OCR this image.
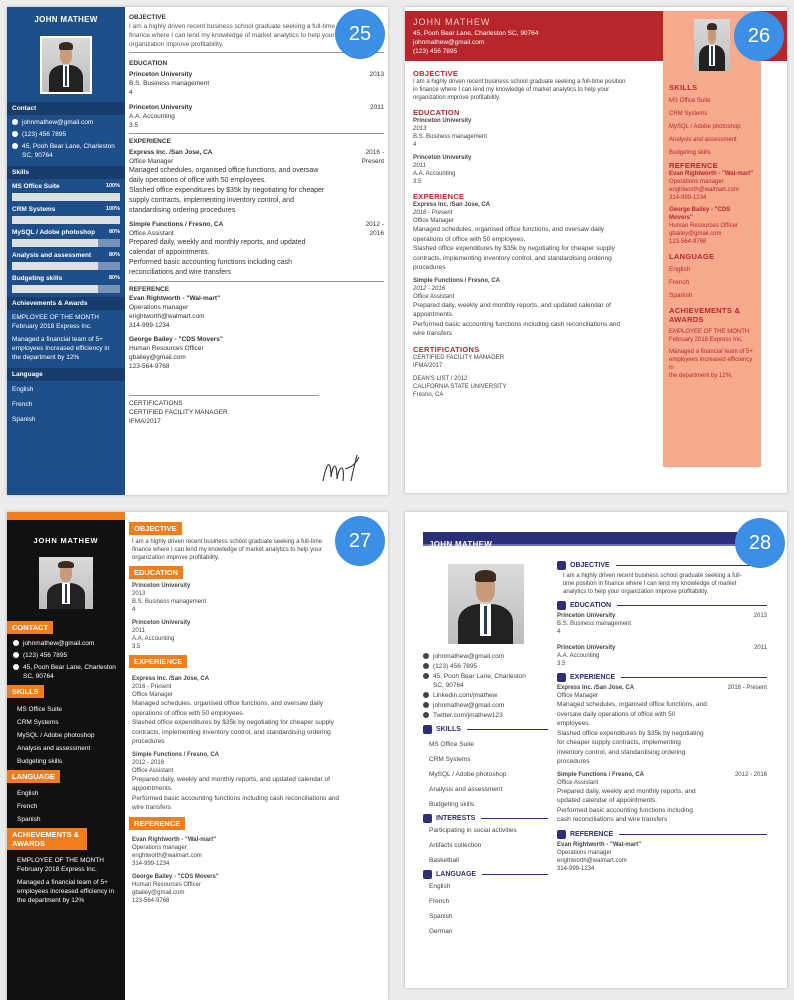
JOHN MATHEW
Contact
johnmathew@gmail.com
(123) 456 7895
45, Pooh Bear Lane, Charleston
SC, 90764
Skills
MS Office Suite	100%
CRM Systems	100%
MySQL / Adobe photoshop	80%
Analysis and assessment	80%
Budgeting skills	80%
Achievements & Awards
EMPLOYEE OF THE MONTH
February 2018 Express Inc.
Managed a financial team of 5+
employees Increased efficiency in
the department by 12%
Language
English
French
Spanish
OBJECTIVE
I am a highly driven recent business school graduate seeking a full-time
finance where I can lend my knowledge of market analytics to help your
organization improve profitability.
EDUCATION
Princeton University	2013
B.S. Business management
4
Princeton University	2011
A.A. Accounting
3.5
EXPERIENCE
Express Inc. /San Jose, CA	2016 -
Office Manager	Present
Managed schedules, organised office functions, and oversaw
daily operations of office with 50 employees.
Slashed office expenditures by $35k by negotiating for cheaper
supply contracts, implementing inventory control, and
standardising ordering procedures
Simple Functions / Fresno, CA	2012 -
Office Assistant	2016
Prepared daily, weekly and monthly reports, and updated
calendar of appointments.
Performed basic accounting functions including cash
reconciliations and wire transfers
REFERENCE
Evan Rightworth - "Wal-mart"
Operations manager
erightworth@walmart.com
314-999-1234
George Bailey - "CDS Movers"
Human Resources Officer
gbailey@gmail.com
123-564-9768
CERTIFICATIONS
CERTIFIED FACILITY MANAGER
IFMA/2017
25
JOHN MATHEW
45, Pooh Bear Lane, Charleston SC, 90764
johnmathew@gmail.com
(123) 456 7895
SKILLS
MS Office Suite
CRM Systems
MySQL / Adobe photoshop
Analysis and assessment
Budgeting skills
REFERENCE
Evan Rightworth - "Wal-mart"
Operations manager
erightworth@walmart.com
314-999-1234
George Bailey - "CDS Movers"
Human Resources Officer
gbailey@gmail.com
123-564-9768
LANGUAGE
English
French
Spanish
ACHIEVEMENTS & AWARDS
EMPLOYEE OF THE MONTH
February 2018 Express Inc.
Managed a financial team of 5+
employees increased efficiency in
the department by 12%.
OBJECTIVE
I am a highly driven recent business school graduate seeking a full-time position
in finance where I can lend my knowledge of market analytics to help your
organization improve profitability.
EDUCATION
Princeton University
2013
B.S. Business management
4
Princeton University
2011
A.A. Accounting
3.5
EXPERIENCE
Express Inc. /San Jose, CA
2016 - Present
Office Manager
Managed schedules, organised office functions, and oversaw daily
operations of office with 50 employees.
Slashed office expenditures by $35k by negotiating for cheaper supply
contracts, implementing inventory control, and standardising ordering
procedures
Simple Functions / Fresno, CA
2012 - 2016
Office Assistant
Prepared daily, weekly and monthly reports, and updated calendar of
appointments.
Performed basic accounting functions including cash reconciliations and
wire transfers
CERTIFICATIONS
CERTIFIED FACILITY MANAGER
IFMA/2017
DEAN'S LIST / 2012
CALIFORNIA STATE UNIVERSITY
Fresno, CA
26
JOHN MATHEW
CONTACT
johnmathew@gmail.com
(123) 456 7895
45, Pooh Bear Lane, Charleston
SC, 90764
SKILLS
MS Office Suite
CRM Systems
MySQL / Adobe photoshop
Analysis and assessment
Budgeting skills
LANGUAGE
English
French
Spanish
ACHIEVEMENTS & AWARDS
EMPLOYEE OF THE MONTH
February 2018 Express Inc.
Managed a financial team of 5+
employees increased efficiency in
the department by 12%
OBJECTIVE
I am a highly driven recent business school graduate seeking a full-time
finance where I can lend my knowledge of market analytics to help your
organization improve profitability.
EDUCATION
Princeton University
2013
B.S. Business management
4
Princeton University
2011
A.A. Accounting
3.5
EXPERIENCE
Express Inc. /San Jose, CA
2016 - Present
Office Manager
Managed schedules, organised office functions, and oversaw daily
operations of office with 50 employees.
Slashed office expenditures by $35k by negotiating for cheaper supply
contracts, implementing inventory control, and standardising ordering
procedures
Simple Functions / Fresno, CA
2012 - 2016
Office Assistant
Prepared daily, weekly and monthly reports, and updated calendar of
appointments.
Performed basic accounting functions including cash reconciliations and
wire transfers
REFERENCE
Evan Rightworth - "Wal-mart"
Operations manager
erightworth@walmart.com
314-999-1234
George Bailey - "CDS Movers"
Human Resources Officer
gbailey@gmail.com
123-564-9768
27	JOHN MATHEW
johnmathew@gmail.com
(123) 456 7895
45, Pooh Bear Lane, Charleston
SC, 90764
Linkedin.com/jmathew
johnmathew@gmail.com
Twitter.com/jmathew123
SKILLS
MS Office Suite
CRM Systems
MySQL / Adobe photoshop
Analysis and assessment
Budgeting skills
INTERESTS
Participating in social activities
Artifacts collection
Basketball
LANGUAGE
English
French
Spanish
German
OBJECTIVE
I am a highly driven recent business school graduate seeking a full-
time position in finance where I can lend my knowledge of market
analytics to help your organization improve profitability.
EDUCATION
Princeton University	2013
B.S. Business management
4
Princeton University	2011
A.A. Accounting
3.5
EXPERIENCE
Express Inc. /San Jose, CA	2016 - Present
Office Manager
Managed schedules, organised office functions, and
oversaw daily operations of office with 50
employees.
Slashed office expenditures by $35k by negotiating
for cheaper supply contracts, implementing
inventory control, and standardising ordering
procedures
Simple Functions / Fresno, CA	2012 - 2016
Office Assistant
Prepared daily, weekly and monthly reports, and
updated calendar of appointments.
Performed basic accounting functions including
cash reconciliations and wire transfers
REFERENCE
Evan Rightworth - "Wal-mart"
Operations manager
erightworth@walmart.com
314-999-1234
28
